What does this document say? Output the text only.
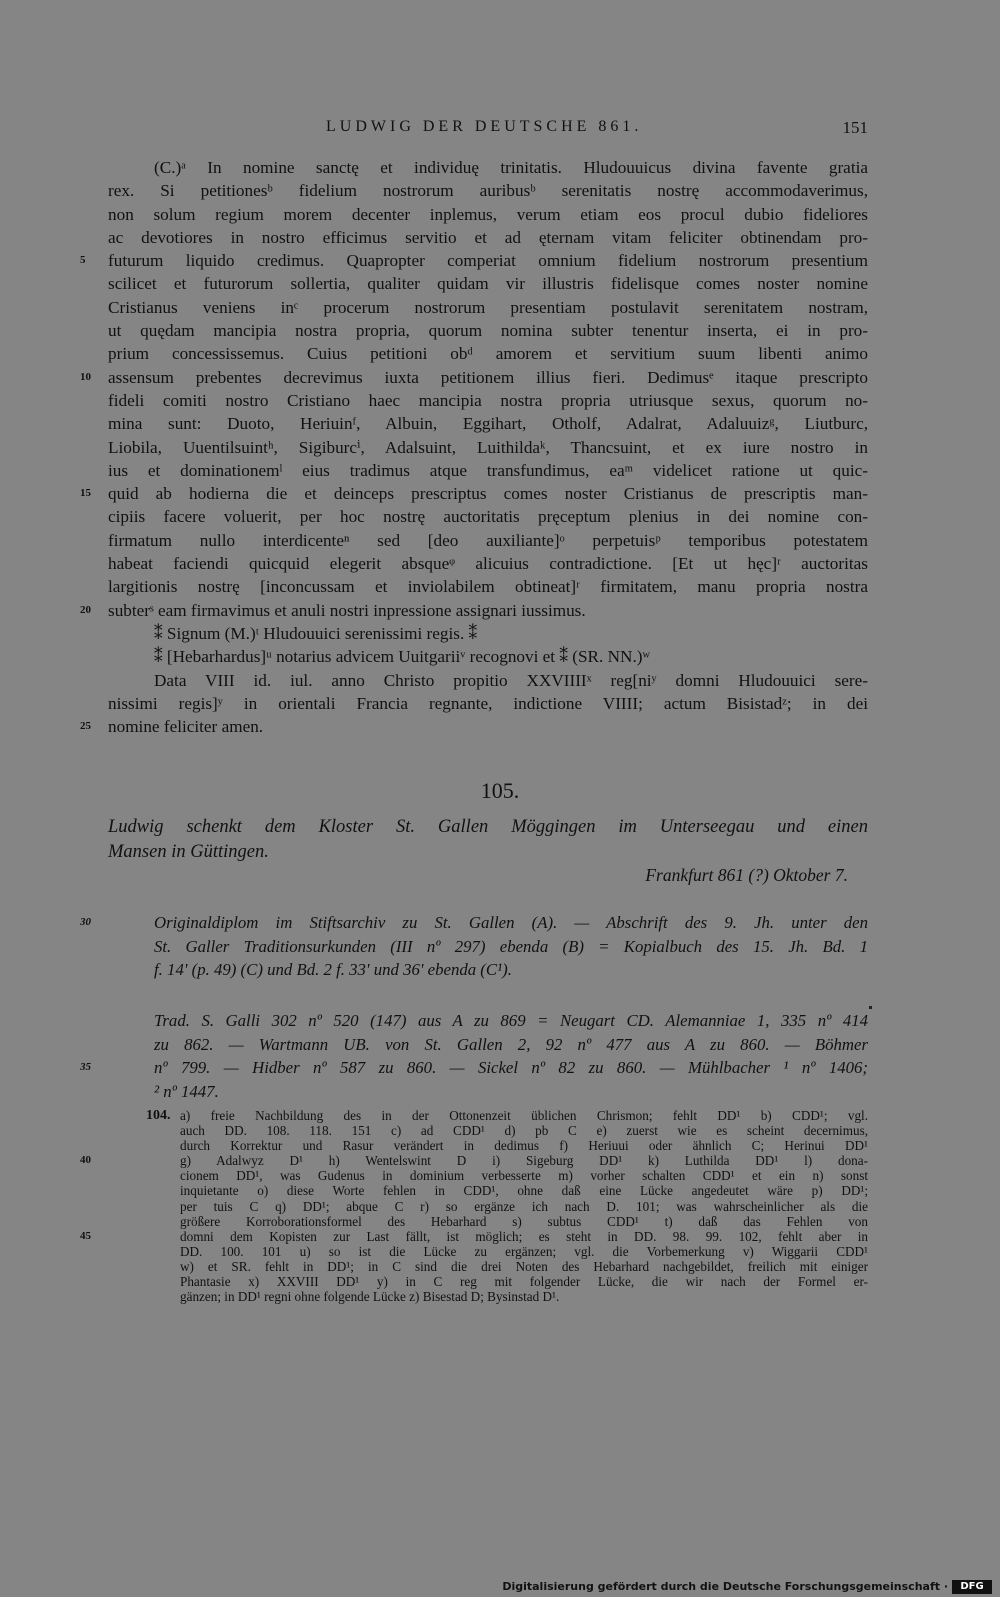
LUDWIG DER DEUTSCHE 861.	151
(C.)ᵃ In nomine sanctę et individuę trinitatis. Hludouuicus divina favente gratia
rex. Si petitionesᵇ fidelium nostrorum auribusᵇ serenitatis nostrę accommodaverimus,
non solum regium morem decenter inplemus, verum etiam eos procul dubio fideliores
ac devotiores in nostro efficimus servitio et ad ęternam vitam feliciter obtinendam pro-
5 futurum liquido credimus. Quapropter comperiat omnium fidelium nostrorum presentium
scilicet et futurorum sollertia, qualiter quidam vir illustris fidelisque comes noster nomine
Cristianus veniens inᶜ procerum nostrorum presentiam postulavit serenitatem nostram,
ut quędam mancipia nostra propria, quorum nomina subter tenentur inserta, ei in pro-
prium concessissemus. Cuius petitioni obᵈ amorem et servitium suum libenti animo
10 assensum prebentes decrevimus iuxta petitionem illius fieri. Dedimusᵉ itaque prescripto
fideli comiti nostro Cristiano haec mancipia nostra propria utriusque sexus, quorum no-
mina sunt: Duoto, Heriuinᶠ, Albuin, Eggihart, Otholf, Adalrat, Adaluuizᵍ, Liutburc,
Liobila, Uuentilsuintʰ, Sigiburcⁱ, Adalsuint, Luithildaᵏ, Thancsuint, et ex iure nostro in
ius et dominationemˡ eius tradimus atque transfundimus, eaᵐ videlicet ratione ut quic-
15 quid ab hodierna die et deinceps prescriptus comes noster Cristianus de prescriptis man-
cipiis facere voluerit, per hoc nostrę auctoritatis pręceptum plenius in dei nomine con-
firmatum nullo interdicenteⁿ sed [deo auxiliante]ᵒ perpetuisᵖ temporibus potestatem
habeat faciendi quicquid elegerit absqueᵠ alicuius contradictione. [Et ut hęc]ʳ auctoritas
largitionis nostrę [inconcussam et inviolabilem obtineat]ʳ firmitatem, manu propria nostra
20 subterˢ eam firmavimus et anuli nostri inpressione assignari iussimus.
⁑ Signum (M.)ᵗ Hludouuici serenissimi regis. ⁑
⁑ [Hebarhardus]ᵘ notarius advicem Uuitgariiᵛ recognovi et ⁑ (SR. NN.)ʷ
Data VIII id. iul. anno Christo propitio XXVIIIIˣ reg[niʸ domni Hludouuici sere-
nissimi regis]ʸ in orientali Francia regnante, indictione VIIII; actum Bisistadᶻ; in dei
25 nomine feliciter amen.
105.
Ludwig schenkt dem Kloster St. Gallen Möggingen im Unterseegau und einen
Mansen in Güttingen.
Frankfurt 861 (?) Oktober 7.
30	Originaldiplom im Stiftsarchiv zu St. Gallen (A). — Abschrift des 9. Jh. unter den
St. Galler Traditionsurkunden (III nº 297) ebenda (B) = Kopialbuch des 15. Jh. Bd. 1
f. 14' (p. 49) (C) und Bd. 2 f. 33' und 36' ebenda (C¹).
Trad. S. Galli 302 nº 520 (147) aus A zu 869 = Neugart CD. Alemanniae 1, 335 nº 414
zu 862. — Wartmann UB. von St. Gallen 2, 92 nº 477 aus A zu 860. — Böhmer
35	nº 799. — Hidber nº 587 zu 860. — Sickel nº 82 zu 860. — Mühlbacher ¹ nº 1406;
² nº 1447.
a) freie Nachbildung des in der Ottonenzeit üblichen Chrismon; fehlt DD¹ b) CDD¹; vgl.
104.
auch DD. 108. 118. 151 c) ad CDD¹ d) pb C e) zuerst wie es scheint decernimus,
durch Korrektur und Rasur verändert in dedimus f) Heriuui oder ähnlich C; Herinui DD¹
40	g) Adalwyz D¹ h) Wentelswint D i) Sigeburg DD¹ k) Luthilda DD¹ l) dona-
cionem DD¹, was Gudenus in dominium verbesserte m) vorher schalten CDD¹ et ein n) sonst
inquietante o) diese Worte fehlen in CDD¹, ohne daß eine Lücke angedeutet wäre p) DD¹;
per tuis C q) DD¹; abque C r) so ergänze ich nach D. 101; was wahrscheinlicher als die
größere Korroborationsformel des Hebarhard s) subtus CDD¹ t) daß das Fehlen von
45	domni dem Kopisten zur Last fällt, ist möglich; es steht in DD. 98. 99. 102, fehlt aber in
DD. 100. 101 u) so ist die Lücke zu ergänzen; vgl. die Vorbemerkung v) Wiggarii CDD¹
w) et SR. fehlt in DD¹; in C sind die drei Noten des Hebarhard nachgebildet, freilich mit einiger
Phantasie x) XXVIII DD¹ y) in C reg mit folgender Lücke, die wir nach der Formel er-
gänzen; in DD¹ regni ohne folgende Lücke z) Bisestad D; Bysinstad D¹.
Digitalisierung gefördert durch die Deutsche Forschungsgemeinschaft ·	DFG
